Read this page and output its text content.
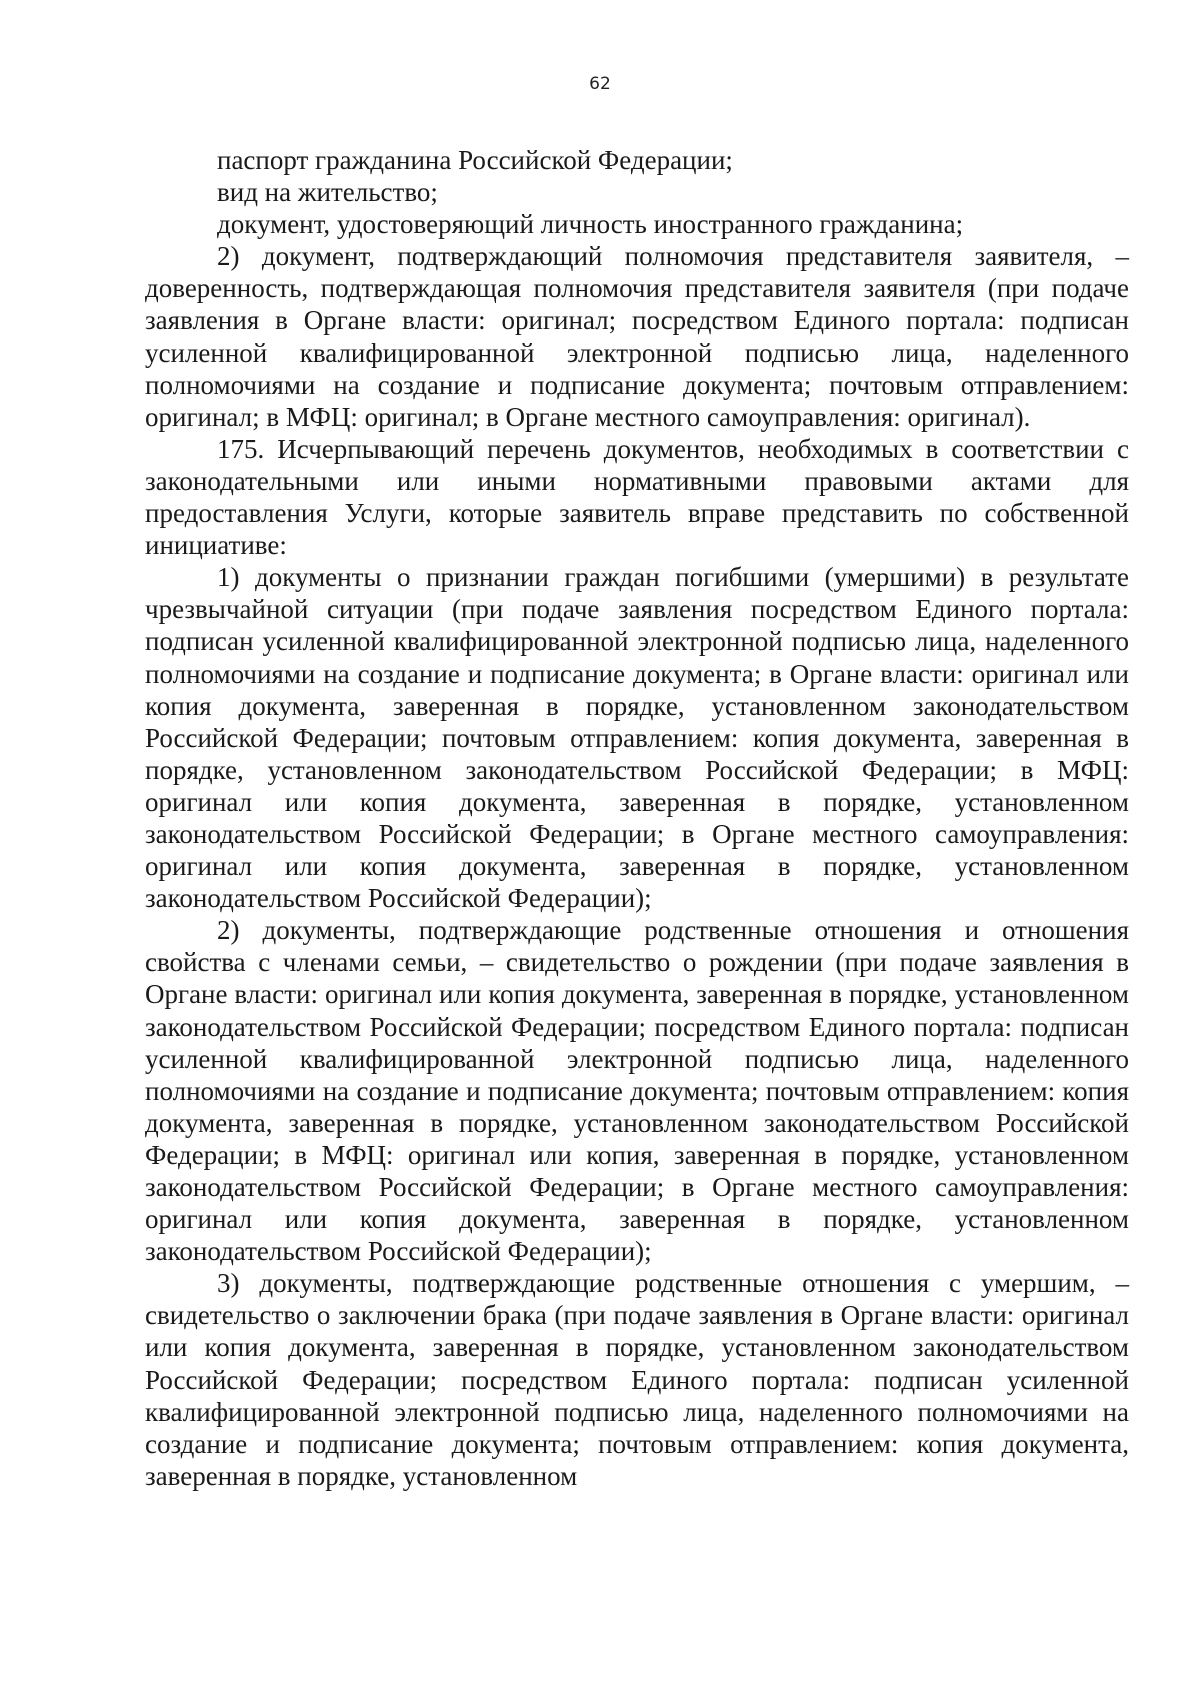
62

паспорт гражданина Российской Федерации;

вид на жительство;

документ, удостоверяющий личность иностранного гражданина;

2) документ, подтверждающий полномочия представителя заявителя, – доверенность, подтверждающая полномочия представителя заявителя (при подаче заявления в Органе власти: оригинал; посредством Единого портала: подписан усиленной квалифицированной электронной подписью лица, наделенного полномочиями на создание и подписание документа; почтовым отправлением: оригинал; в МФЦ: оригинал; в Органе местного самоуправления: оригинал).

175. Исчерпывающий перечень документов, необходимых в соответствии с законодательными или иными нормативными правовыми актами для предоставления Услуги, которые заявитель вправе представить по собственной инициативе:

1) документы о признании граждан погибшими (умершими) в результате чрезвычайной ситуации (при подаче заявления посредством Единого портала: подписан усиленной квалифицированной электронной подписью лица, наделенного полномочиями на создание и подписание документа; в Органе власти: оригинал или копия документа, заверенная в порядке, установленном законодательством Российской Федерации; почтовым отправлением: копия документа, заверенная в порядке, установленном законодательством Российской Федерации; в МФЦ: оригинал или копия документа, заверенная в порядке, установленном законодательством Российской Федерации; в Органе местного самоуправления: оригинал или копия документа, заверенная в порядке, установленном законодательством Российской Федерации);

2) документы, подтверждающие родственные отношения и отношения свойства с членами семьи, – свидетельство о рождении (при подаче заявления в Органе власти: оригинал или копия документа, заверенная в порядке, установленном законодательством Российской Федерации; посредством Единого портала: подписан усиленной квалифицированной электронной подписью лица, наделенного полномочиями на создание и подписание документа; почтовым отправлением: копия документа, заверенная в порядке, установленном законодательством Российской Федерации; в МФЦ: оригинал или копия, заверенная в порядке, установленном законодательством Российской Федерации; в Органе местного самоуправления: оригинал или копия документа, заверенная в порядке, установленном законодательством Российской Федерации);

3) документы, подтверждающие родственные отношения с умершим, – свидетельство о заключении брака (при подаче заявления в Органе власти: оригинал или копия документа, заверенная в порядке, установленном законодательством Российской Федерации; посредством Единого портала: подписан усиленной квалифицированной электронной подписью лица, наделенного полномочиями на создание и подписание документа; почтовым отправлением: копия документа, заверенная в порядке, установленном
